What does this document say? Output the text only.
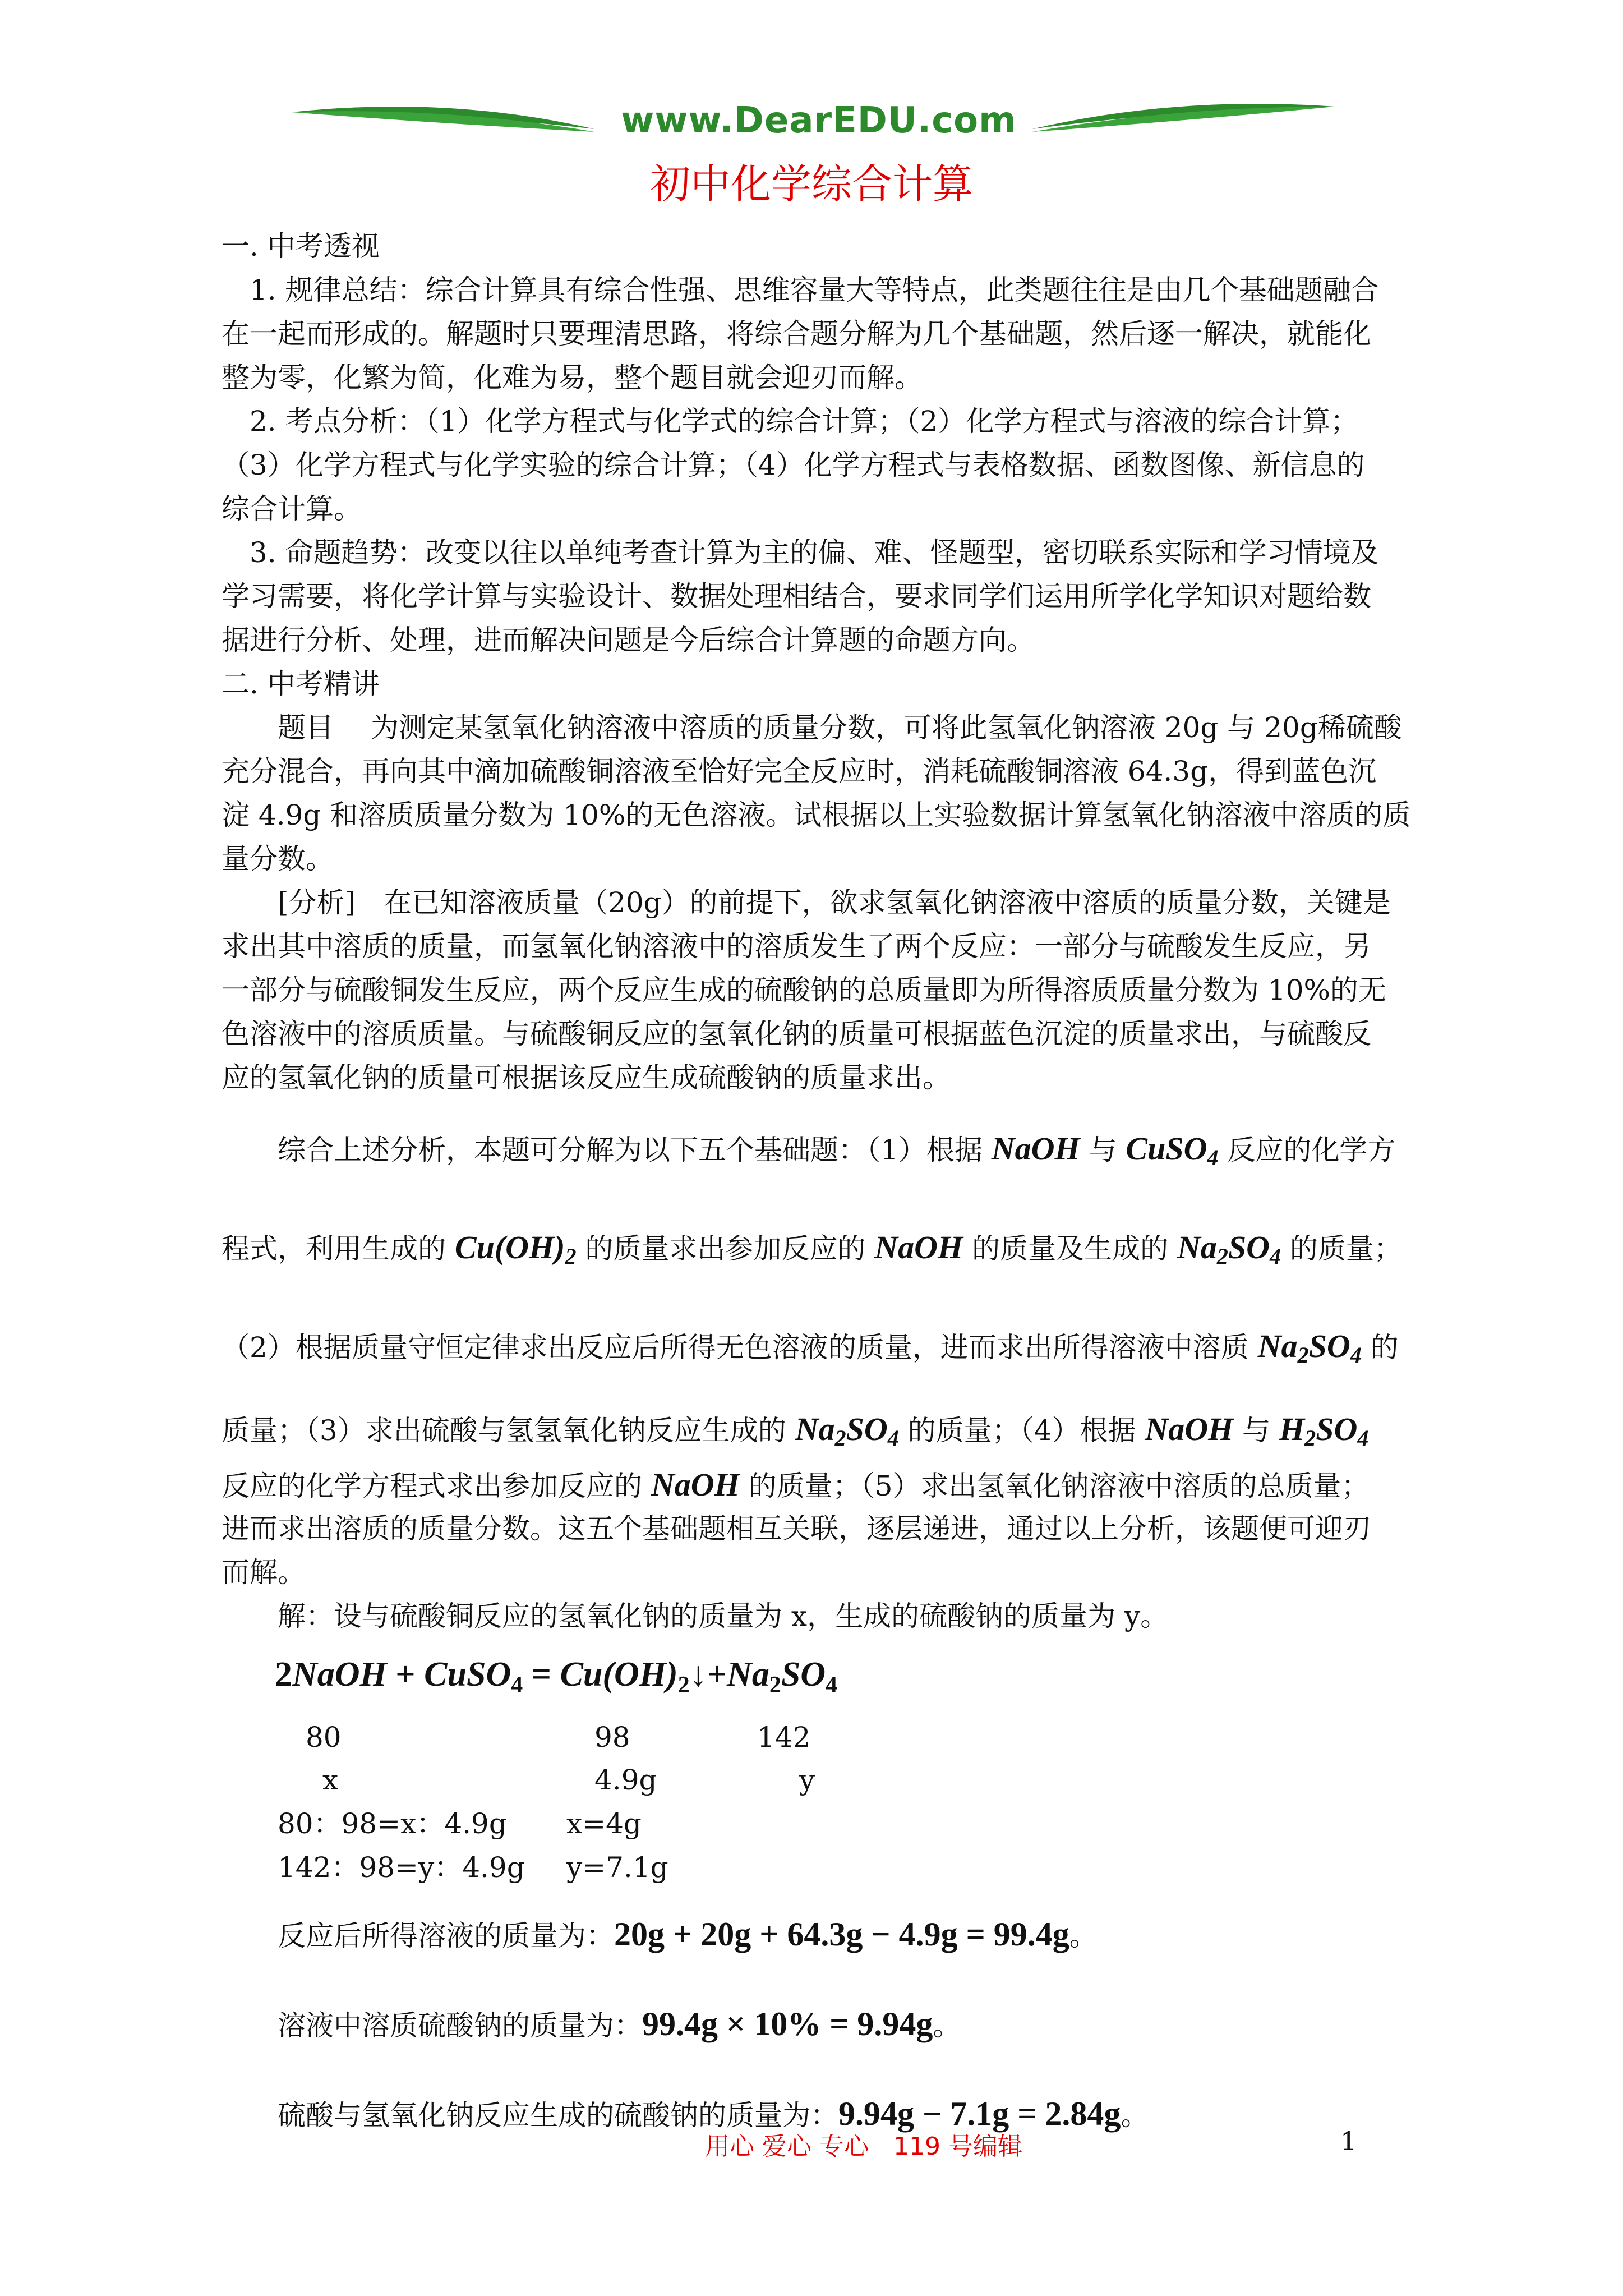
www.DearEDU.com
初中化学综合计算
一. 中考透视
1. 规律总结：综合计算具有综合性强、思维容量大等特点，此类题往往是由几个基础题融合
在一起而形成的。解题时只要理清思路，将综合题分解为几个基础题，然后逐一解决，就能化
整为零，化繁为简，化难为易，整个题目就会迎刃而解。
2. 考点分析：（1）化学方程式与化学式的综合计算；（2）化学方程式与溶液的综合计算；
（3）化学方程式与化学实验的综合计算；（4）化学方程式与表格数据、函数图像、新信息的
综合计算。
3. 命题趋势：改变以往以单纯考查计算为主的偏、难、怪题型，密切联系实际和学习情境及
学习需要，将化学计算与实验设计、数据处理相结合，要求同学们运用所学化学知识对题给数
据进行分析、处理，进而解决问题是今后综合计算题的命题方向。
二. 中考精讲
题目　 为测定某氢氧化钠溶液中溶质的质量分数，可将此氢氧化钠溶液 20g 与 20g稀硫酸
充分混合，再向其中滴加硫酸铜溶液至恰好完全反应时，消耗硫酸铜溶液 64.3g，得到蓝色沉
淀 4.9g 和溶质质量分数为 10%的无色溶液。试根据以上实验数据计算氢氧化钠溶液中溶质的质
量分数。
[分析]　在已知溶液质量（20g）的前提下，欲求氢氧化钠溶液中溶质的质量分数，关键是
求出其中溶质的质量，而氢氧化钠溶液中的溶质发生了两个反应：一部分与硫酸发生反应，另
一部分与硫酸铜发生反应，两个反应生成的硫酸钠的总质量即为所得溶质质量分数为 10%的无
色溶液中的溶质质量。与硫酸铜反应的氢氧化钠的质量可根据蓝色沉淀的质量求出，与硫酸反
应的氢氧化钠的质量可根据该反应生成硫酸钠的质量求出。
综合上述分析，本题可分解为以下五个基础题：（1）根据 NaOH 与 CuSO$_4$ 反应的化学方
程式，利用生成的 $Cu(OH)_2$ 的质量求出参加反应的 NaOH 的质量及生成的 $Na_2SO_4$ 的质量；
（2）根据质量守恒定律求出反应后所得无色溶液的质量，进而求出所得溶液中溶质 $Na_2SO_4$ 的
质量；（3）求出硫酸与氢氢氧化钠反应生成的 $Na_2SO_4$ 的质量；（4）根据 NaOH 与 $H_2SO_4$
反应的化学方程式求出参加反应的 NaOH 的质量；（5）求出氢氧化钠溶液中溶质的总质量；
进而求出溶质的质量分数。这五个基础题相互关联，逐层递进，通过以上分析，该题便可迎刃
而解。
解：设与硫酸铜反应的氢氧化钠的质量为 x，生成的硫酸钠的质量为 y。
2NaOH + CuSO$_4$ = $Cu(OH)_2↓+Na_2SO_4$
80	98	142
x	4.9g	y
80：98=x：4.9g x=4g
142：98=y：4.9g y=7.1g
反应后所得溶液的质量为：20g + 20g + 64.3g − 4.9g = 99.4g。
溶液中溶质硫酸钠的质量为：99.4g × 10% = 9.94g。
硫酸与氢氧化钠反应生成的硫酸钠的质量为：9.94g − 7.1g = 2.84g。
用心 爱心 专心　119 号编辑	1
